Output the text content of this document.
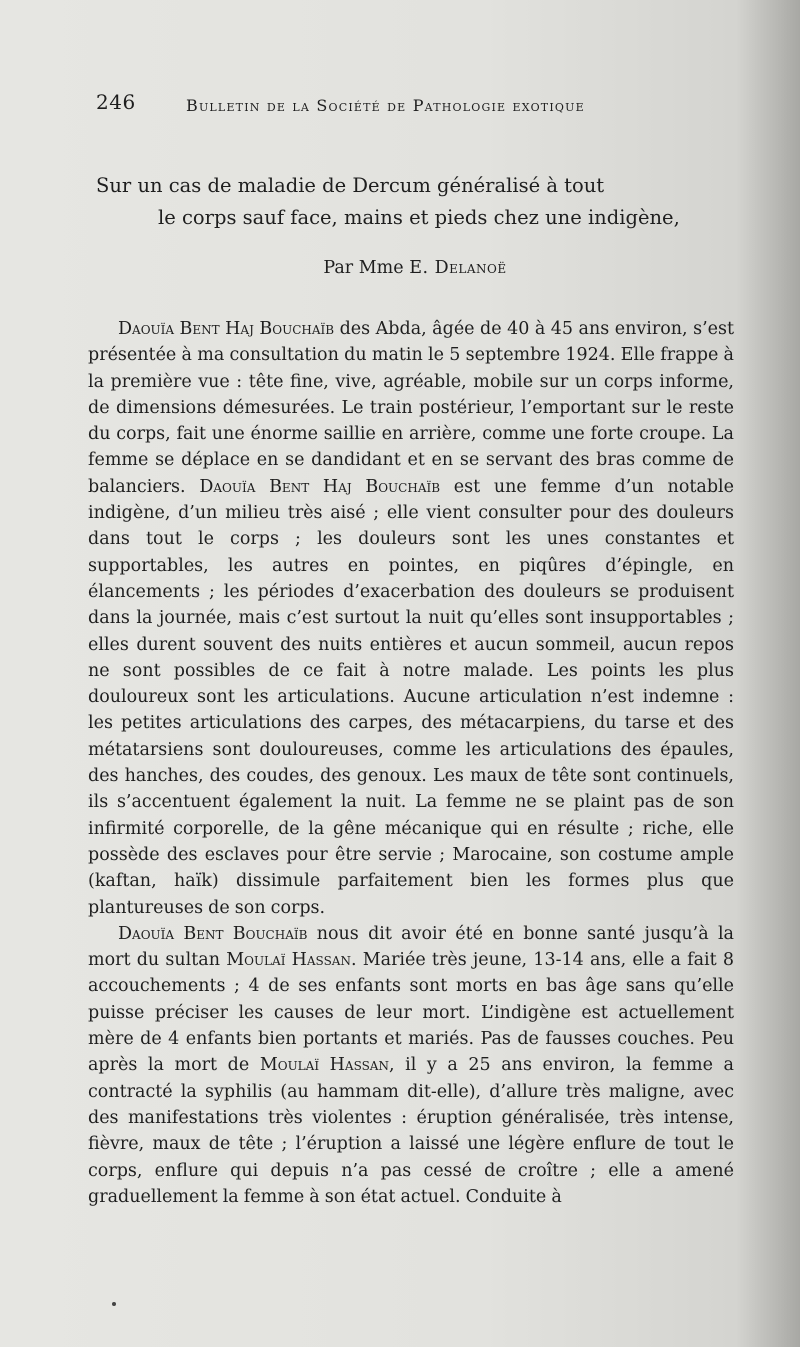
246	Bulletin de la Société de Pathologie exotique
Sur un cas de maladie de Dercum généralisé à tout
le corps sauf face, mains et pieds chez une indigène,
Par Mme E. Delanoë

Daouïa Bent Haj Bouchaïb des Abda, âgée de 40 à 45 ans environ, s’est présentée à ma consultation du matin le 5 septembre 1924. Elle frappe à la première vue : tête fine, vive, agréable, mobile sur un corps informe, de dimensions démesurées. Le train postérieur, l’emportant sur le reste du corps, fait une énorme saillie en arrière, comme une forte croupe. La femme se déplace en se dandidant et en se servant des bras comme de balanciers. Daouïa Bent Haj Bouchaïb est une femme d’un notable indigène, d’un milieu très aisé ; elle vient consulter pour des douleurs dans tout le corps ; les douleurs sont les unes constantes et supportables, les autres en pointes, en piqûres d’épingle, en élancements ; les périodes d’exacerbation des douleurs se produisent dans la journée, mais c’est surtout la nuit qu’elles sont insupportables ; elles durent souvent des nuits entières et aucun sommeil, aucun repos ne sont possibles de ce fait à notre malade. Les points les plus douloureux sont les articulations. Aucune articulation n’est indemne : les petites articulations des carpes, des métacarpiens, du tarse et des métatarsiens sont douloureuses, comme les articulations des épaules, des hanches, des coudes, des genoux. Les maux de tête sont continuels, ils s’accentuent également la nuit. La femme ne se plaint pas de son infirmité corporelle, de la gêne mécanique qui en résulte ; riche, elle possède des esclaves pour être servie ; Marocaine, son costume ample (kaftan, haïk) dissimule parfaitement bien les formes plus que plantureuses de son corps.

Daouïa Bent Bouchaïb nous dit avoir été en bonne santé jusqu’à la mort du sultan Moulaï Hassan. Mariée très jeune, 13-14 ans, elle a fait 8 accouchements ; 4 de ses enfants sont morts en bas âge sans qu’elle puisse préciser les causes de leur mort. L’indigène est actuellement mère de 4 enfants bien portants et mariés. Pas de fausses couches. Peu après la mort de Moulaï Hassan, il y a 25 ans environ, la femme a contracté la syphilis (au hammam dit-elle), d’allure très maligne, avec des manifestations très violentes : éruption généralisée, très intense, fièvre, maux de tête ; l’éruption a laissé une légère enflure de tout le corps, enflure qui depuis n’a pas cessé de croître ; elle a amené graduellement la femme à son état actuel. Conduite à
